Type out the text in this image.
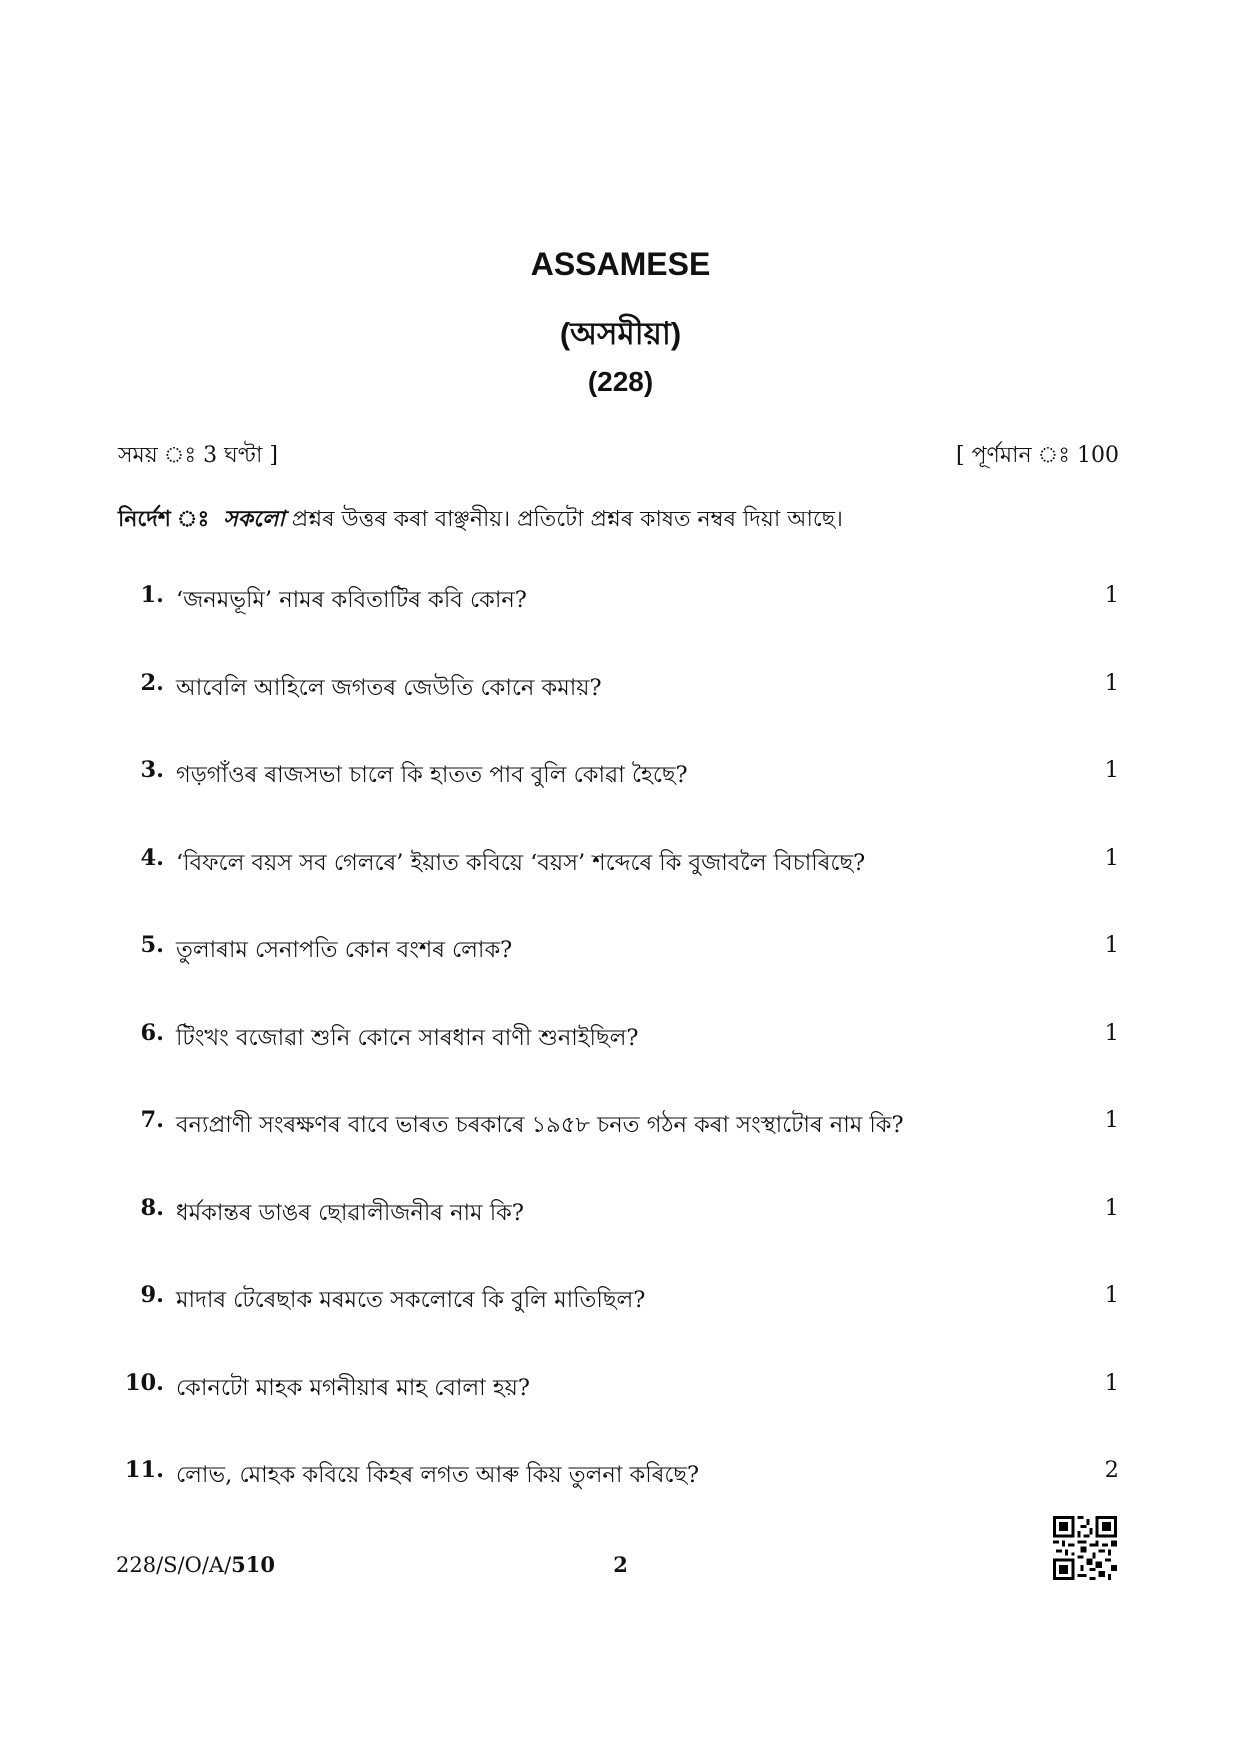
ASSAMESE
(অসমীয়া)
(228)
সময় ঃ 3 ঘণ্টা ]	[ পূৰ্ণমান ঃ 100
নিৰ্দেশ ঃ সকলো প্ৰশ্নৰ উত্তৰ কৰা বাঞ্ছনীয়। প্ৰতিটো প্ৰশ্নৰ কাষত নম্বৰ দিয়া আছে।
1. ‘জনমভূমি’ নামৰ কবিতাটিৰ কবি কোন?	1
2. আবেলি আহিলে জগতৰ জেউতি কোনে কমায়?	1
3. গড়গাঁওৰ ৰাজসভা চালে কি হাতত পাব বুলি কোৱা হৈছে?	1
4. ‘বিফলে বয়স সব গেলৰে’ ইয়াত কবিয়ে ‘বয়স’ শব্দেৰে কি বুজাবলৈ বিচাৰিছে?	1
5. তুলাৰাম সেনাপতি কোন বংশৰ লোক?	1
6. টিংখং বজোৱা শুনি কোনে সাৰধান বাণী শুনাইছিল?	1
7. বন্যপ্ৰাণী সংৰক্ষণৰ বাবে ভাৰত চৰকাৰে ১৯৫৮ চনত গঠন কৰা সংস্থাটোৰ নাম কি?	1
8. ধৰ্মকান্তৰ ডাঙৰ ছোৱালীজনীৰ নাম কি?	1
9. মাদাৰ টেৰেছাক মৰমতে সকলোৰে কি বুলি মাতিছিল?	1
10. কোনটো মাহক মগনীয়াৰ মাহ বোলা হয়?	1
11. লোভ, মোহক কবিয়ে কিহৰ লগত আৰু কিয় তুলনা কৰিছে?	2
228/S/O/A/510	2
